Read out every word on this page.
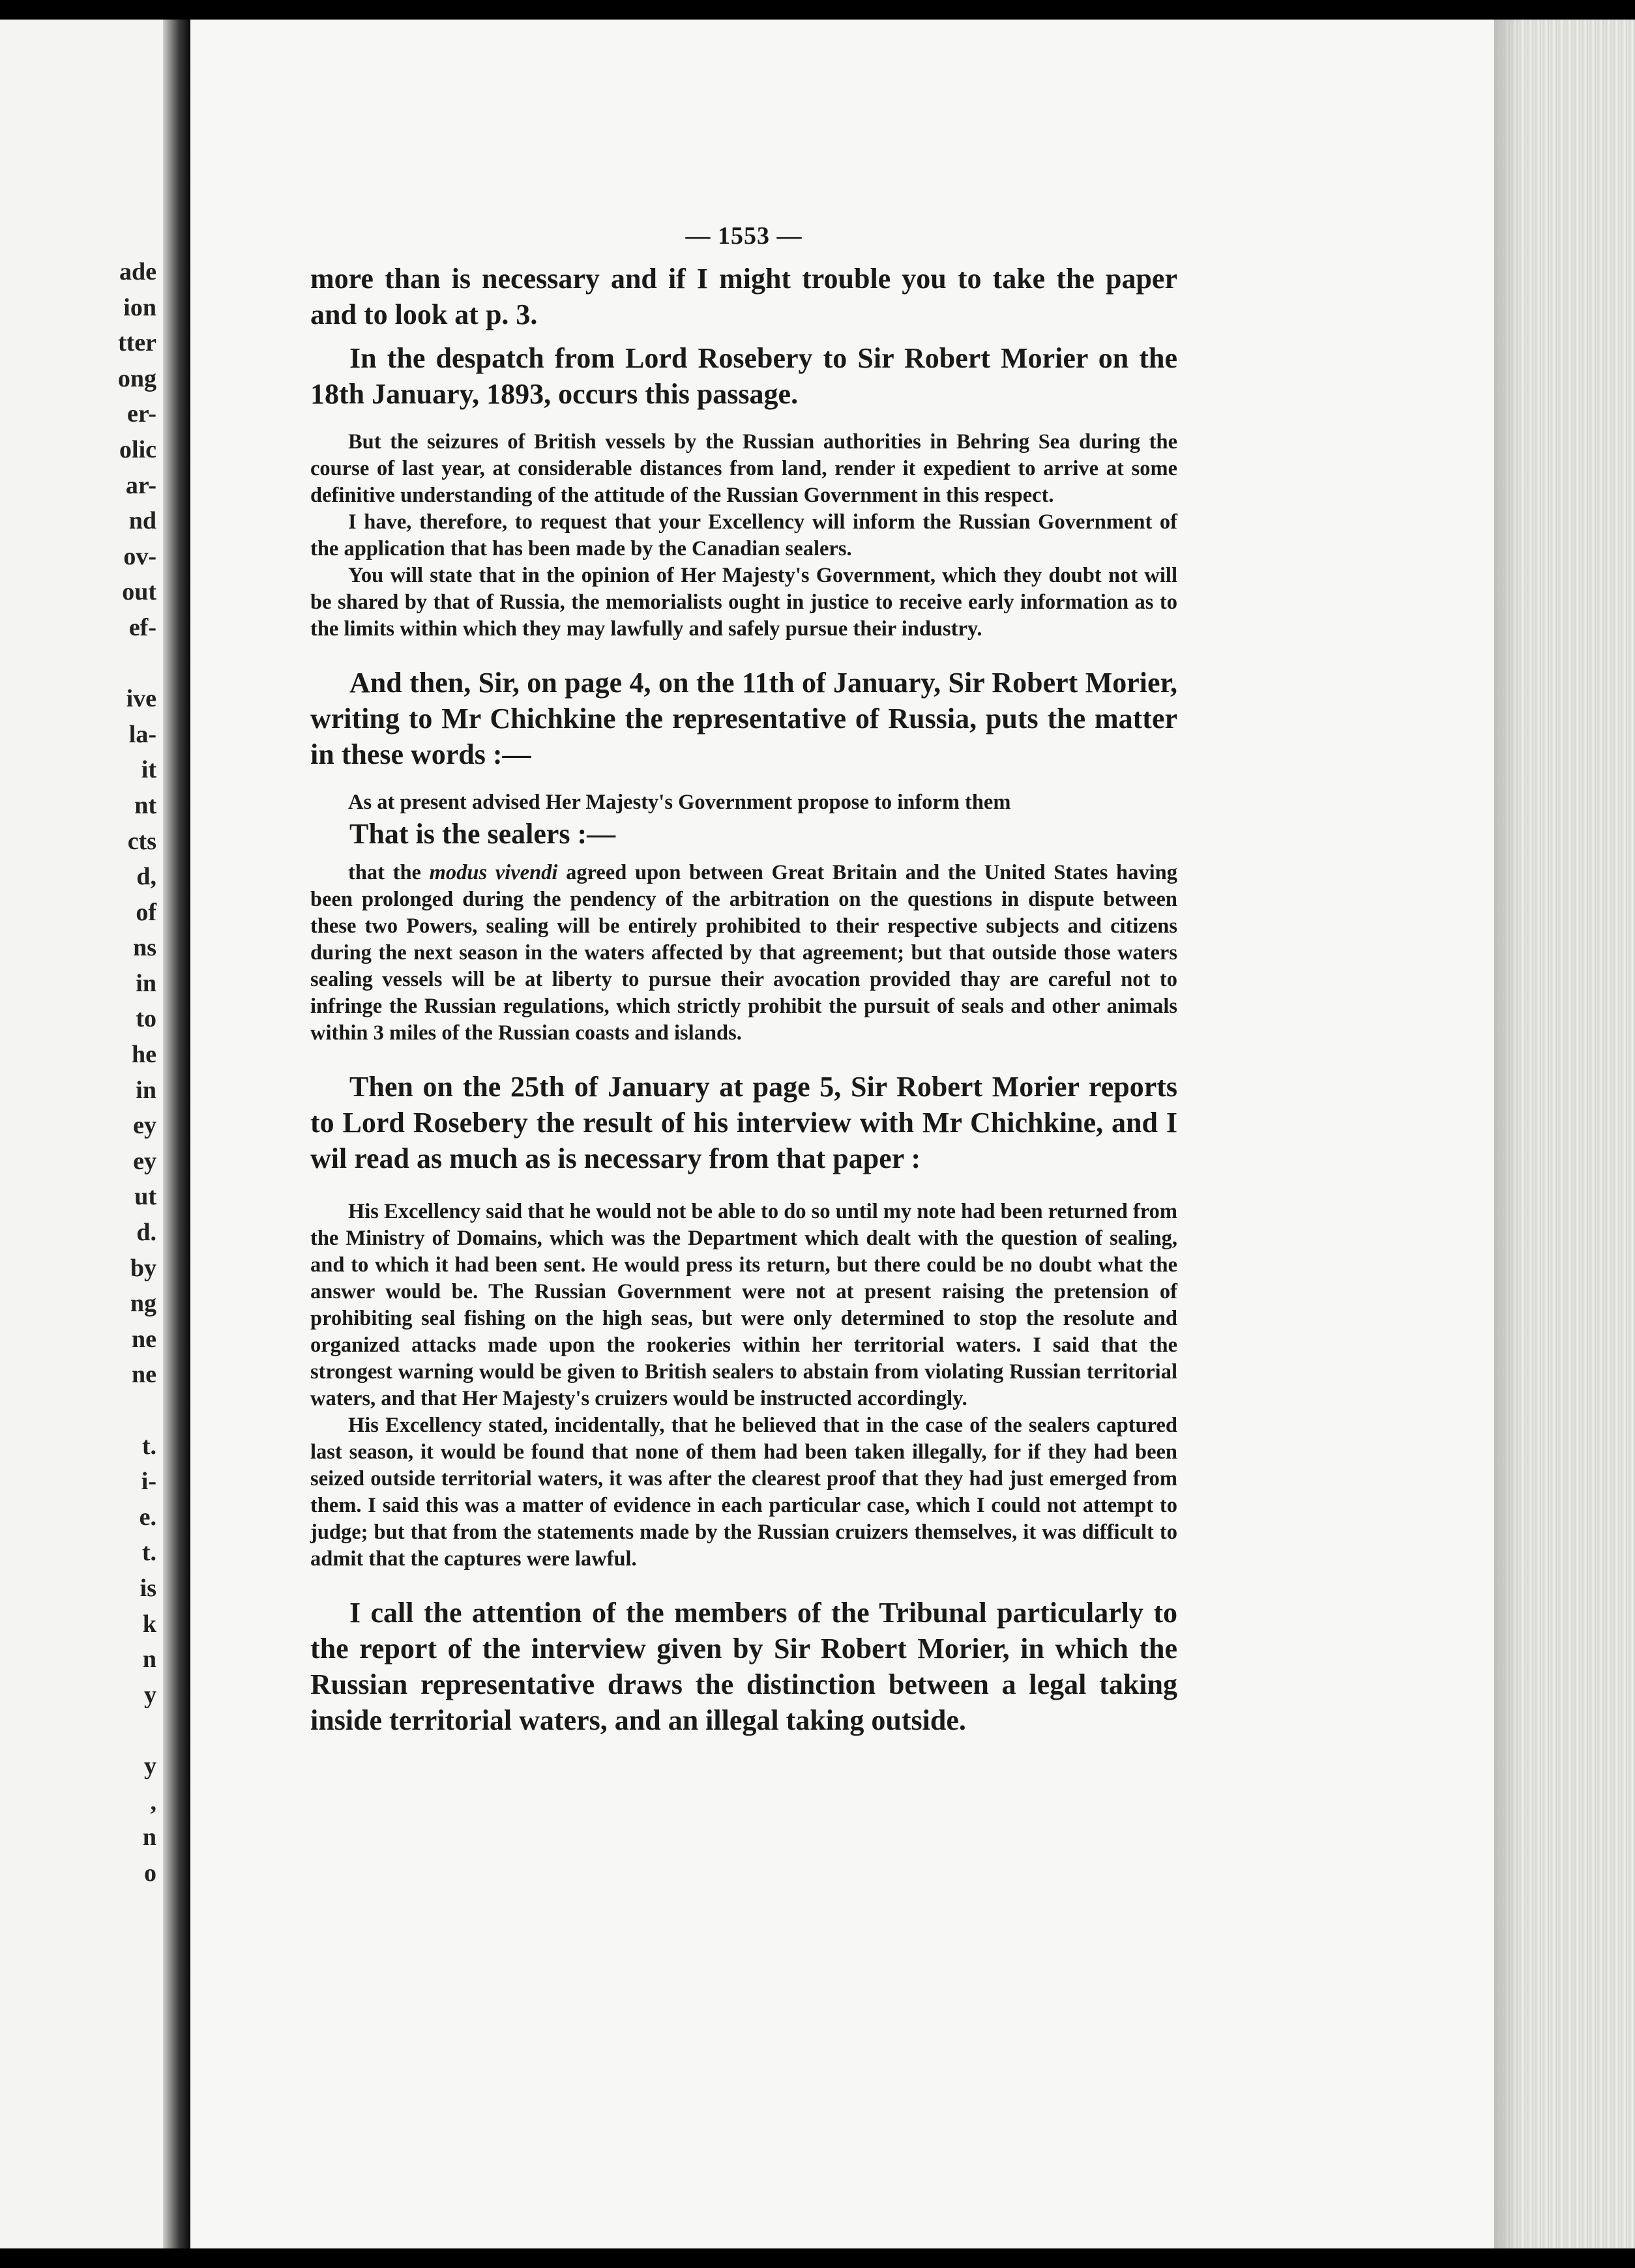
ade
ion
tter
ong
er-
olic
ar-
nd
ov-
out
ef-
ive
la-
it
nt
cts
d,
of
ns
in
to
he
in
ey
ey
ut
d.
by
ng
ne
ne
t.
i-
e.
t.
is
k
n
y
y
,
n
o
— 1553 —

more than is necessary and if I might trouble you to take the paper and to look at p. 3.

In the despatch from Lord Rosebery to Sir Robert Morier on the 18th January, 1893, occurs this passage.

But the seizures of British vessels by the Russian authorities in Behring Sea during the course of last year, at considerable distances from land, render it expedient to arrive at some definitive understanding of the attitude of the Russian Government in this respect.

I have, therefore, to request that your Excellency will inform the Russian Government of the application that has been made by the Canadian sealers.

You will state that in the opinion of Her Majesty's Government, which they doubt not will be shared by that of Russia, the memorialists ought in justice to receive early information as to the limits within which they may lawfully and safely pursue their industry.

And then, Sir, on page 4, on the 11th of January, Sir Robert Morier, writing to Mr Chichkine the representative of Russia, puts the matter in these words :—

As at present advised Her Majesty's Government propose to inform them

That is the sealers :—

that the modus vivendi agreed upon between Great Britain and the United States having been prolonged during the pendency of the arbitration on the questions in dispute between these two Powers, sealing will be entirely prohibited to their respective subjects and citizens during the next season in the waters affected by that agreement; but that outside those waters sealing vessels will be at liberty to pursue their avocation provided thay are careful not to infringe the Russian regulations, which strictly prohibit the pursuit of seals and other animals within 3 miles of the Russian coasts and islands.

Then on the 25th of January at page 5, Sir Robert Morier reports to Lord Rosebery the result of his interview with Mr Chichkine, and I wil read as much as is necessary from that paper :

His Excellency said that he would not be able to do so until my note had been returned from the Ministry of Domains, which was the Department which dealt with the question of sealing, and to which it had been sent. He would press its return, but there could be no doubt what the answer would be. The Russian Government were not at present raising the pretension of prohibiting seal fishing on the high seas, but were only determined to stop the resolute and organized attacks made upon the rookeries within her territorial waters. I said that the strongest warning would be given to British sealers to abstain from violating Russian territorial waters, and that Her Majesty's cruizers would be instructed accordingly.

His Excellency stated, incidentally, that he believed that in the case of the sealers captured last season, it would be found that none of them had been taken illegally, for if they had been seized outside territorial waters, it was after the clearest proof that they had just emerged from them. I said this was a matter of evidence in each particular case, which I could not attempt to judge; but that from the statements made by the Russian cruizers themselves, it was difficult to admit that the captures were lawful.

I call the attention of the members of the Tribunal particularly to the report of the interview given by Sir Robert Morier, in which the Russian representative draws the distinction between a legal taking inside territorial waters, and an illegal taking outside.
